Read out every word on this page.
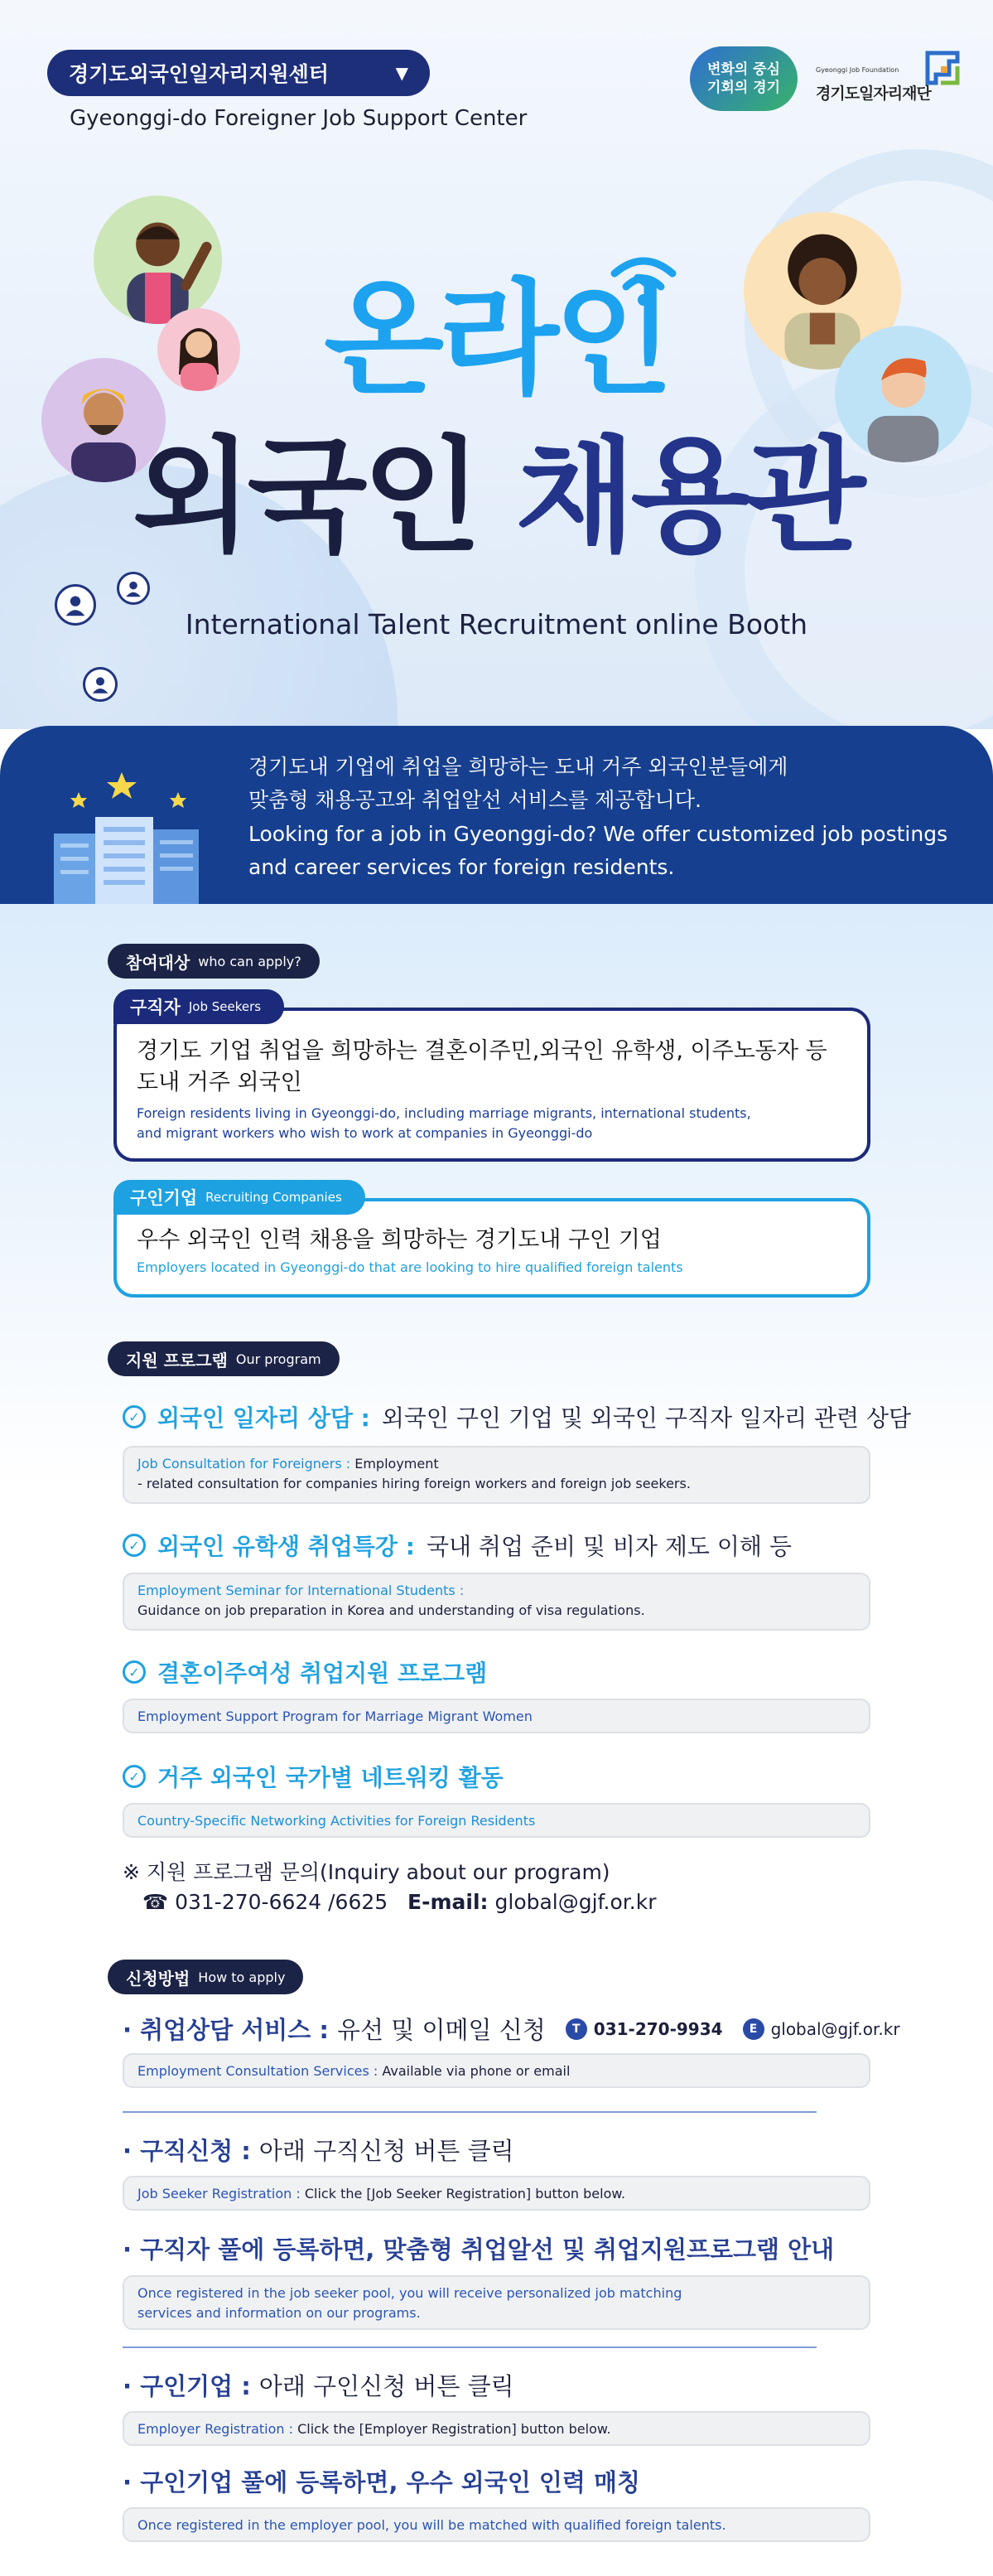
경기도외국인일자리지원센터	▼
Gyeonggi-do Foreigner Job Support Center
변화의 중심
기회의 경기
Gyeonggi Job Foundation
경기도일자리재단
온라인
외국인 채용관
International Talent Recruitment online Booth
경기도내 기업에 취업을 희망하는 도내 거주 외국인분들에게
맞춤형 채용공고와 취업알선 서비스를 제공합니다.
Looking for a job in Gyeonggi-do? We offer customized job postings
and career services for foreign residents.
참여대상 who can apply?
구직자 Job Seekers
경기도 기업 취업을 희망하는 결혼이주민,외국인 유학생, 이주노동자 등
도내 거주 외국인
Foreign residents living in Gyeonggi-do, including marriage migrants, international students,
and migrant workers who wish to work at companies in Gyeonggi-do
구인기업 Recruiting Companies
우수 외국인 인력 채용을 희망하는 경기도내 구인 기업
Employers located in Gyeonggi-do that are looking to hire qualified foreign talents
지원 프로그램 Our program
✓ 외국인 일자리 상담 : 외국인 구인 기업 및 외국인 구직자 일자리 관련 상담
Job Consultation for Foreigners : Employment
- related consultation for companies hiring foreign workers and foreign job seekers.
✓ 외국인 유학생 취업특강 : 국내 취업 준비 및 비자 제도 이해 등
Employment Seminar for International Students :
Guidance on job preparation in Korea and understanding of visa regulations.
✓ 결혼이주여성 취업지원 프로그램
Employment Support Program for Marriage Migrant Women
✓ 거주 외국인 국가별 네트워킹 활동
Country-Specific Networking Activities for Foreign Residents
※ 지원 프로그램 문의(Inquiry about our program)
☎ 031-270-6624 /6625 E-mail: global@gjf.or.kr
신청방법 How to apply
· 취업상담 서비스 : 유선 및 이메일 신청	T 031-270-9934	E global@gjf.or.kr
Employment Consultation Services : Available via phone or email
· 구직신청 : 아래 구직신청 버튼 클릭
Job Seeker Registration : Click the [Job Seeker Registration] button below.
· 구직자 풀에 등록하면, 맞춤형 취업알선 및 취업지원프로그램 안내
Once registered in the job seeker pool, you will receive personalized job matching
services and information on our programs.
· 구인기업 : 아래 구인신청 버튼 클릭
Employer Registration : Click the [Employer Registration] button below.
· 구인기업 풀에 등록하면, 우수 외국인 인력 매칭
Once registered in the employer pool, you will be matched with qualified foreign talents.
